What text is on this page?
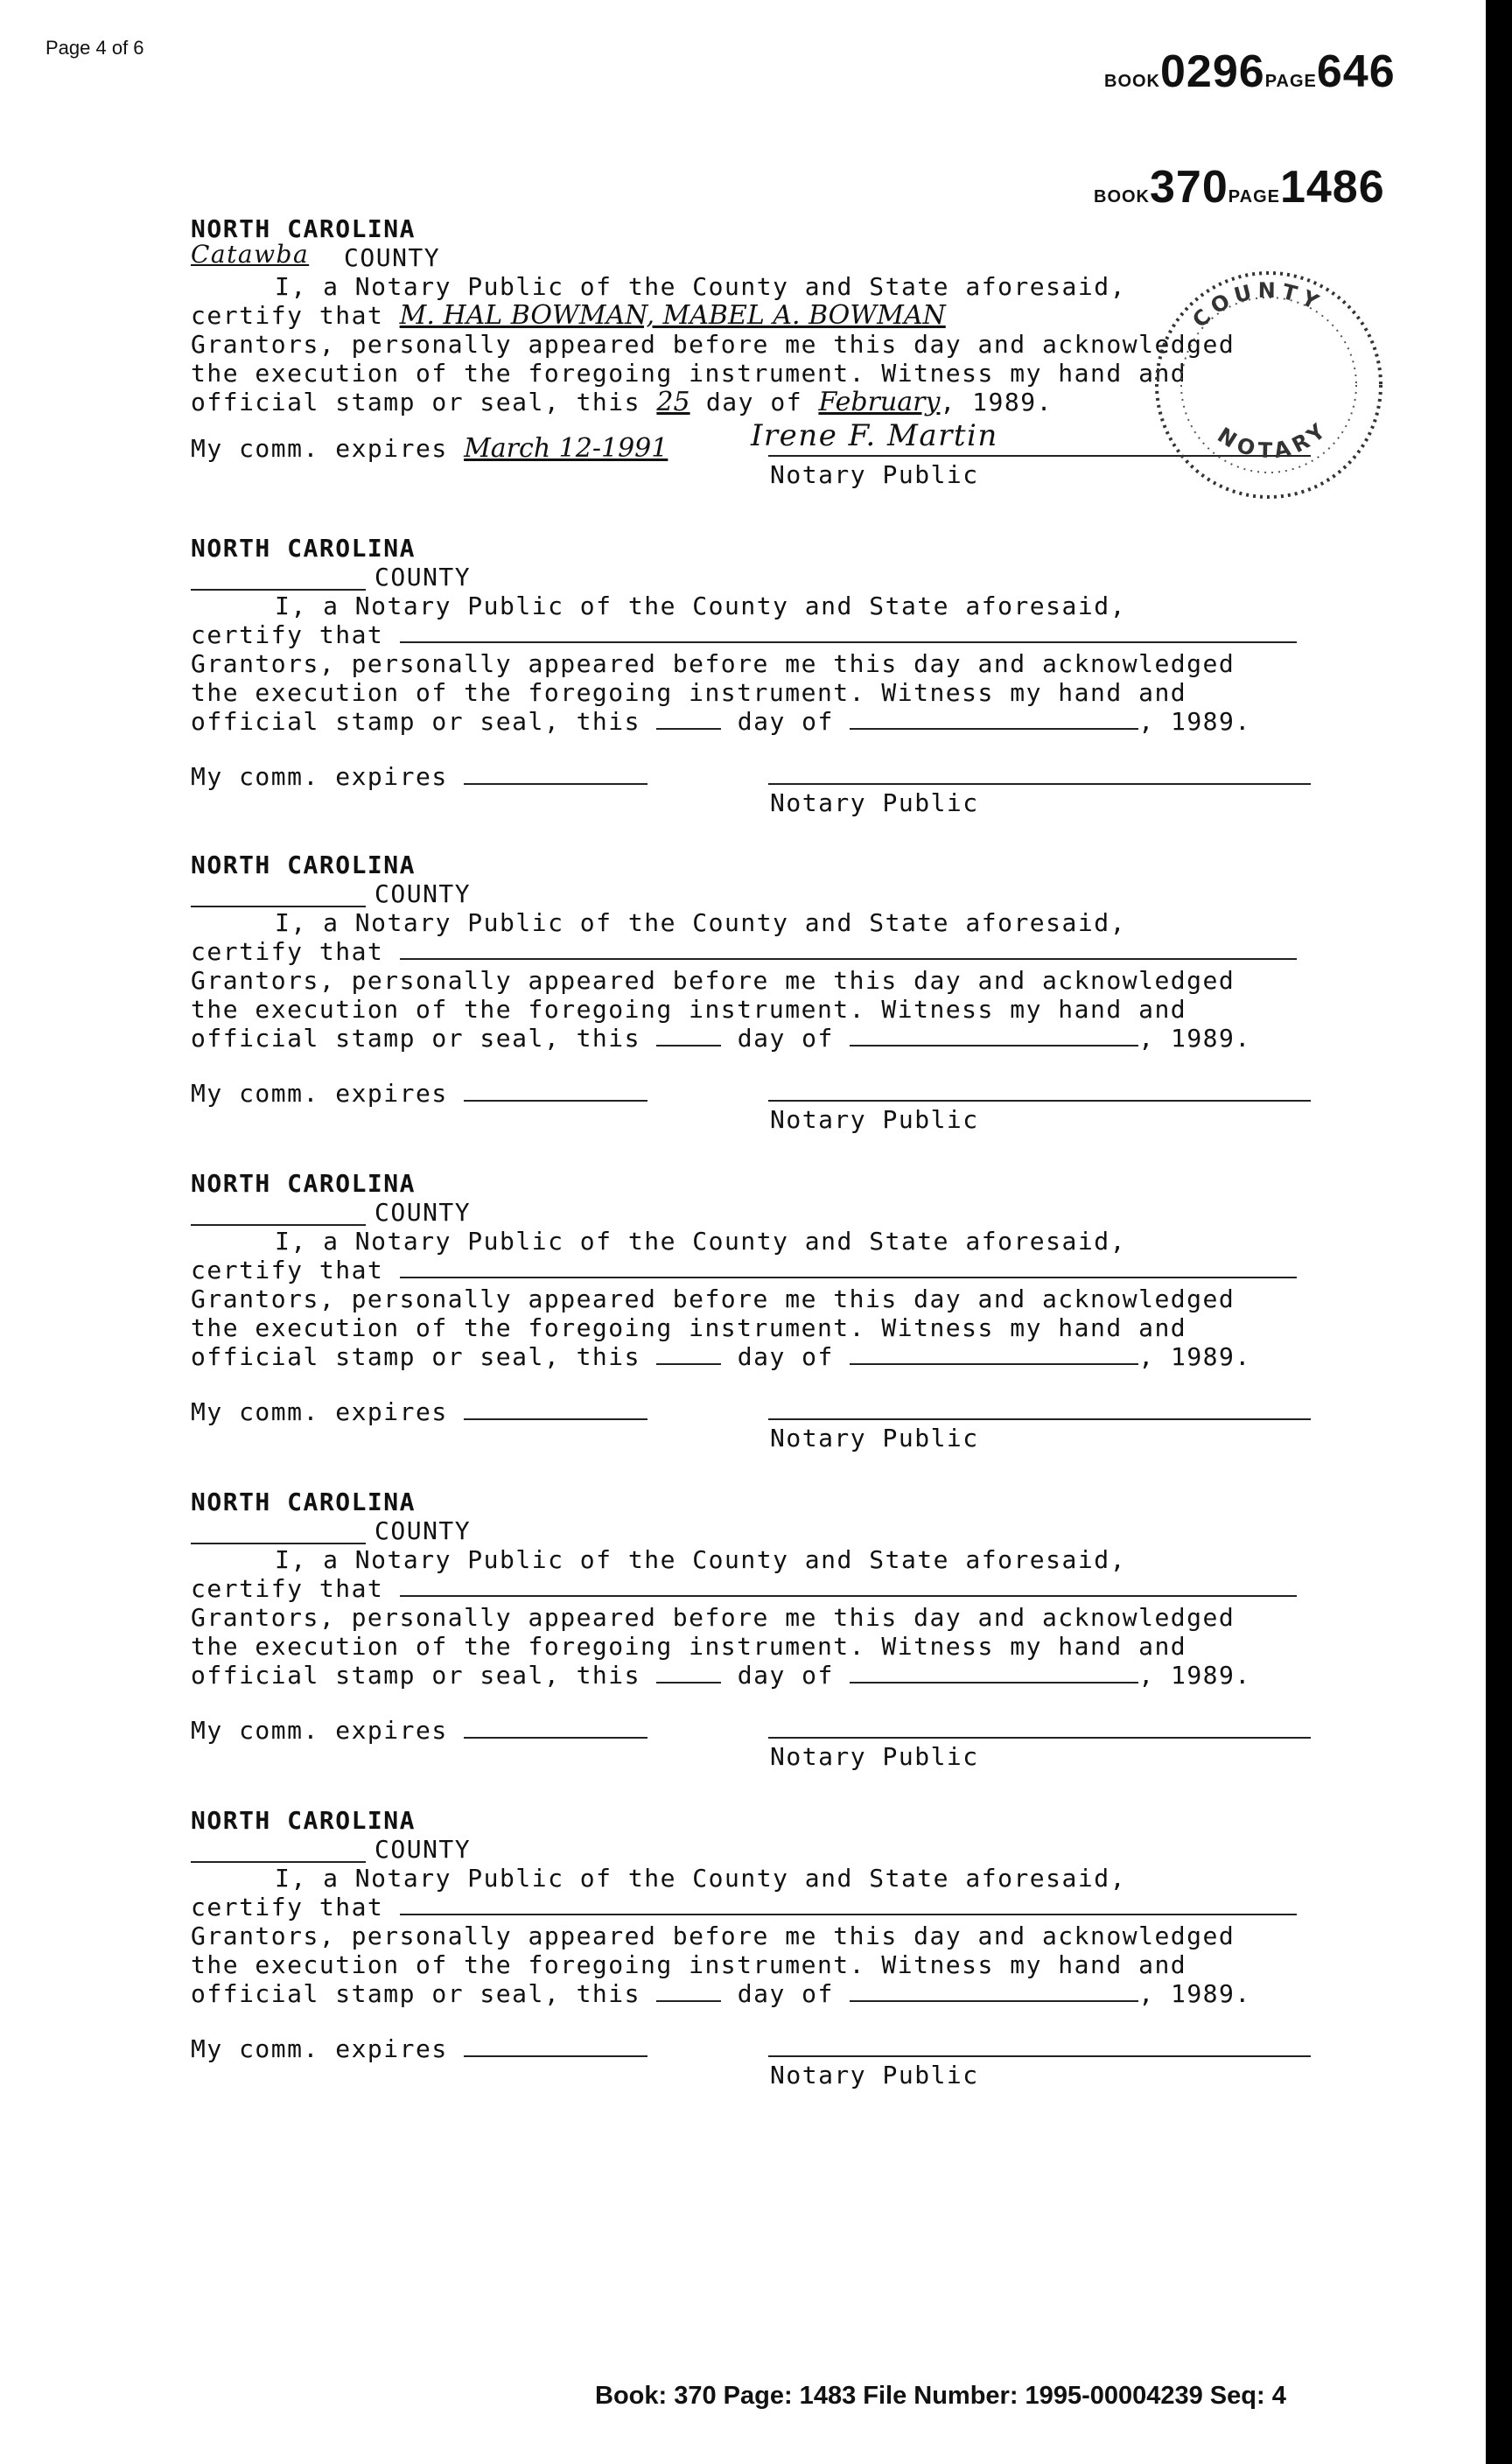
Page 4 of 6
BOOK0296PAGE646
BOOK370PAGE1486
NORTH CAROLINA
Catawba COUNTY
I, a Notary Public of the County and State aforesaid,
certify that M. HAL BOWMAN, MABEL A. BOWMAN
Grantors, personally appeared before me this day and acknowledged
the execution of the foregoing instrument. Witness my hand and
official stamp or seal, this 25 day of February, 1989.
My comm. expires March 12-1991	Irene F. Martin
Notary Public
COUNTY
NOTARY
NORTH CAROLINA
COUNTY
I, a Notary Public of the County and State aforesaid,
certify that
Grantors, personally appeared before me this day and acknowledged
the execution of the foregoing instrument. Witness my hand and
official stamp or seal, this	day of	, 1989.
My comm. expires
Notary Public
NORTH CAROLINA
COUNTY
I, a Notary Public of the County and State aforesaid,
certify that
Grantors, personally appeared before me this day and acknowledged
the execution of the foregoing instrument. Witness my hand and
official stamp or seal, this	day of	, 1989.
My comm. expires
Notary Public
NORTH CAROLINA
COUNTY
I, a Notary Public of the County and State aforesaid,
certify that
Grantors, personally appeared before me this day and acknowledged
the execution of the foregoing instrument. Witness my hand and
official stamp or seal, this	day of	, 1989.
My comm. expires
Notary Public
NORTH CAROLINA
COUNTY
I, a Notary Public of the County and State aforesaid,
certify that
Grantors, personally appeared before me this day and acknowledged
the execution of the foregoing instrument. Witness my hand and
official stamp or seal, this	day of	, 1989.
My comm. expires
Notary Public
NORTH CAROLINA
COUNTY
I, a Notary Public of the County and State aforesaid,
certify that
Grantors, personally appeared before me this day and acknowledged
the execution of the foregoing instrument. Witness my hand and
official stamp or seal, this	day of	, 1989.
My comm. expires
Notary Public
Book: 370 Page: 1483 File Number: 1995-00004239 Seq: 4
